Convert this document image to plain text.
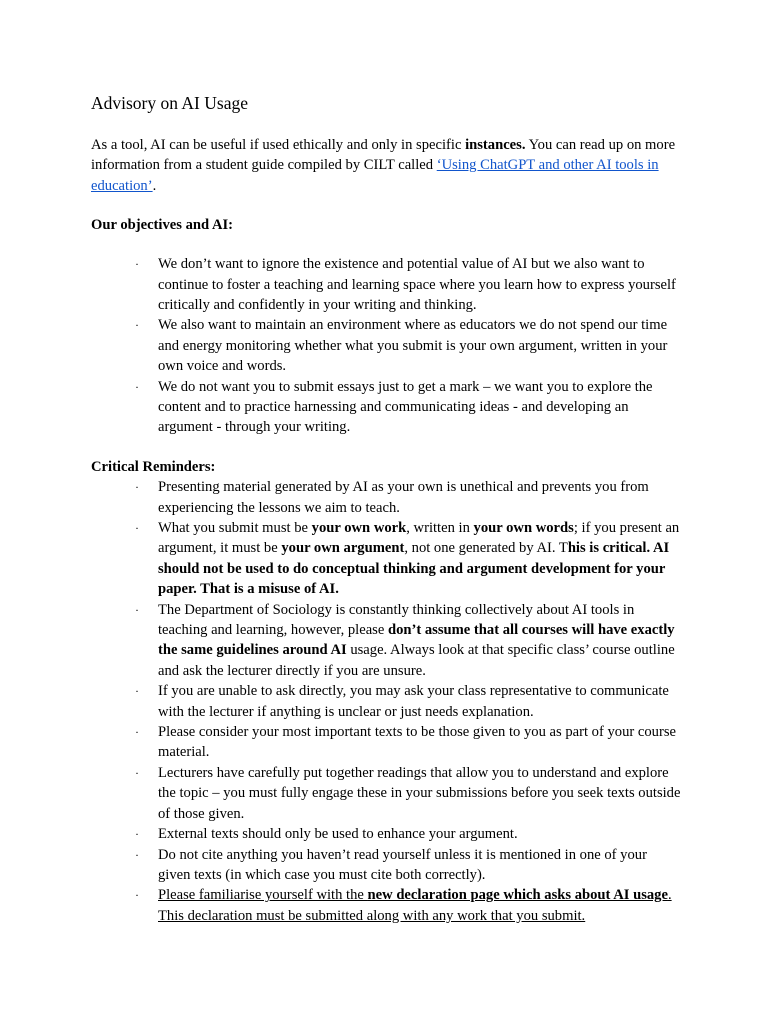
Advisory on AI Usage

As a tool, AI can be useful if used ethically and only in specific instances. You can read up on more information from a student guide compiled by CILT called ‘Using ChatGPT and other AI tools in education’.

Our objectives and AI:

· We don’t want to ignore the existence and potential value of AI but we also want to continue to foster a teaching and learning space where you learn how to express yourself critically and confidently in your writing and thinking.
· We also want to maintain an environment where as educators we do not spend our time and energy monitoring whether what you submit is your own argument, written in your own voice and words.
· We do not want you to submit essays just to get a mark – we want you to explore the content and to practice harnessing and communicating ideas - and developing an argument - through your writing.

Critical Reminders:

· Presenting material generated by AI as your own is unethical and prevents you from experiencing the lessons we aim to teach.
· What you submit must be your own work, written in your own words; if you present an argument, it must be your own argument, not one generated by AI. This is critical. AI should not be used to do conceptual thinking and argument development for your paper. That is a misuse of AI.
· The Department of Sociology is constantly thinking collectively about AI tools in teaching and learning, however, please don’t assume that all courses will have exactly the same guidelines around AI usage. Always look at that specific class’ course outline and ask the lecturer directly if you are unsure.
· If you are unable to ask directly, you may ask your class representative to communicate with the lecturer if anything is unclear or just needs explanation.
· Please consider your most important texts to be those given to you as part of your course material.
· Lecturers have carefully put together readings that allow you to understand and explore the topic – you must fully engage these in your submissions before you seek texts outside of those given.
· External texts should only be used to enhance your argument.
· Do not cite anything you haven’t read yourself unless it is mentioned in one of your given texts (in which case you must cite both correctly).
· Please familiarise yourself with the new declaration page which asks about AI usage. This declaration must be submitted along with any work that you submit.
